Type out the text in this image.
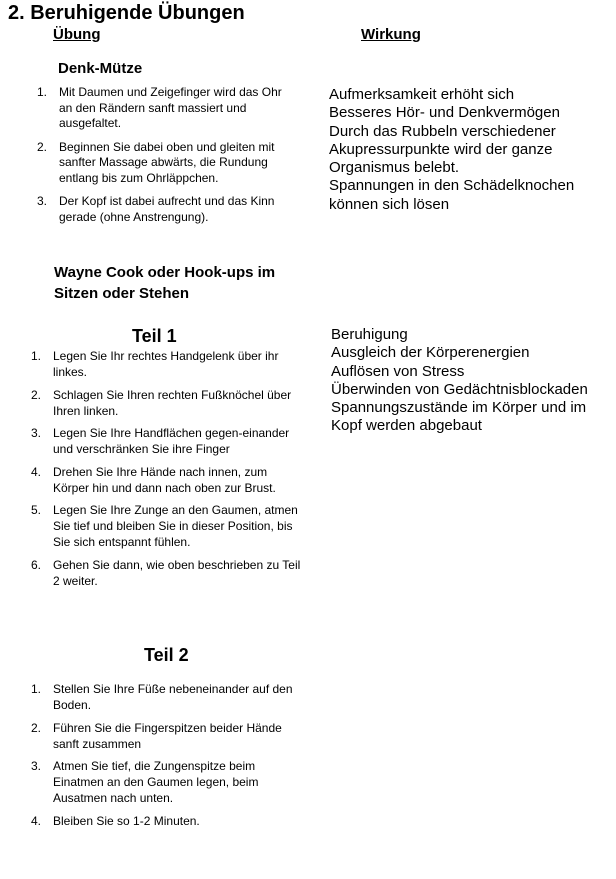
2. Beruhigende Übungen
Übung	Wirkung
Denk-Mütze
1. Mit Daumen und Zeigefinger wird das Ohr an den Rändern sanft massiert und ausgefaltet.
2. Beginnen Sie dabei oben und gleiten mit sanfter Massage abwärts, die Rundung entlang bis zum Ohrläppchen.
3. Der Kopf ist dabei aufrecht und das Kinn gerade (ohne Anstrengung).
Aufmerksamkeit erhöht sich
Besseres Hör- und Denkvermögen
Durch das Rubbeln verschiedener
Akupressurpunkte wird der ganze
Organismus belebt.
Spannungen in den Schädelknochen
können sich lösen
Wayne Cook oder Hook-ups im
Sitzen oder Stehen
Teil 1
1. Legen Sie Ihr rechtes Handgelenk über ihr linkes.
2. Schlagen Sie Ihren rechten Fußknöchel über Ihren linken.
3. Legen Sie Ihre Handflächen gegen-einander und verschränken Sie ihre Finger
4. Drehen Sie Ihre Hände nach innen, zum Körper hin und dann nach oben zur Brust.
5. Legen Sie Ihre Zunge an den Gaumen, atmen Sie tief und bleiben Sie in dieser Position, bis Sie sich entspannt fühlen.
6. Gehen Sie dann, wie oben beschrieben zu Teil 2 weiter.
Beruhigung
Ausgleich der Körperenergien
Auflösen von Stress
Überwinden von Gedächtnisblockaden
Spannungszustände im Körper und im
Kopf werden abgebaut
Teil 2
1. Stellen Sie Ihre Füße nebeneinander auf den Boden.
2. Führen Sie die Fingerspitzen beider Hände sanft zusammen
3. Atmen Sie tief, die Zungenspitze beim Einatmen an den Gaumen legen, beim Ausatmen nach unten.
4. Bleiben Sie so 1-2 Minuten.
